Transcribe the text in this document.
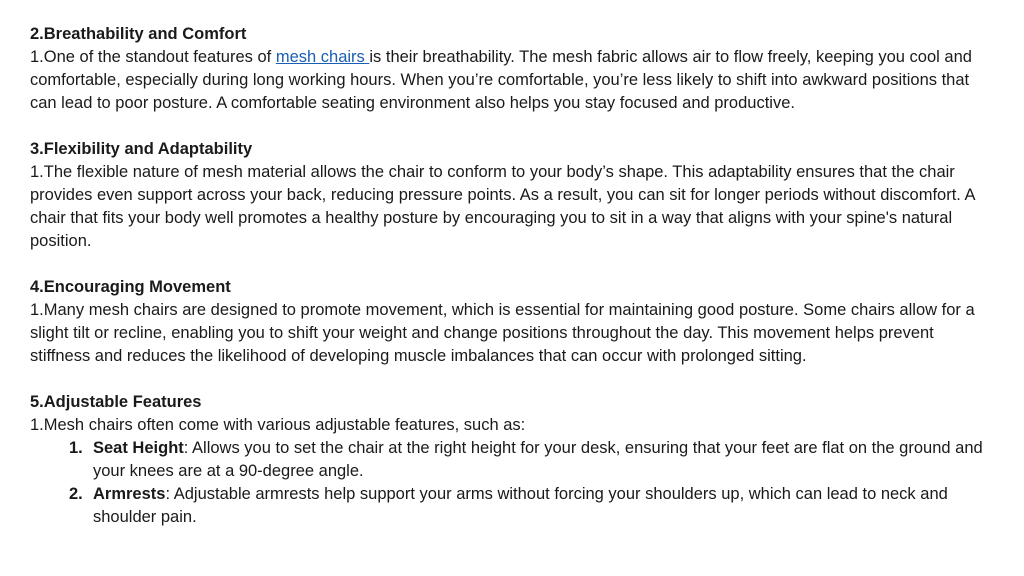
2.Breathability and Comfort

1.One of the standout features of mesh chairs is their breathability. The mesh fabric allows air to flow freely, keeping you cool and comfortable, especially during long working hours. When you’re comfortable, you’re less likely to shift into awkward positions that can lead to poor posture. A comfortable seating environment also helps you stay focused and productive.

3.Flexibility and Adaptability

1.The flexible nature of mesh material allows the chair to conform to your body’s shape. This adaptability ensures that the chair provides even support across your back, reducing pressure points. As a result, you can sit for longer periods without discomfort. A chair that fits your body well promotes a healthy posture by encouraging you to sit in a way that aligns with your spine's natural position.

4.Encouraging Movement

1.Many mesh chairs are designed to promote movement, which is essential for maintaining good posture. Some chairs allow for a slight tilt or recline, enabling you to shift your weight and change positions throughout the day. This movement helps prevent stiffness and reduces the likelihood of developing muscle imbalances that can occur with prolonged sitting.

5.Adjustable Features

1.Mesh chairs often come with various adjustable features, such as:

1. Seat Height: Allows you to set the chair at the right height for your desk, ensuring that your feet are flat on the ground and your knees are at a 90-degree angle.
2. Armrests: Adjustable armrests help support your arms without forcing your shoulders up, which can lead to neck and shoulder pain.
